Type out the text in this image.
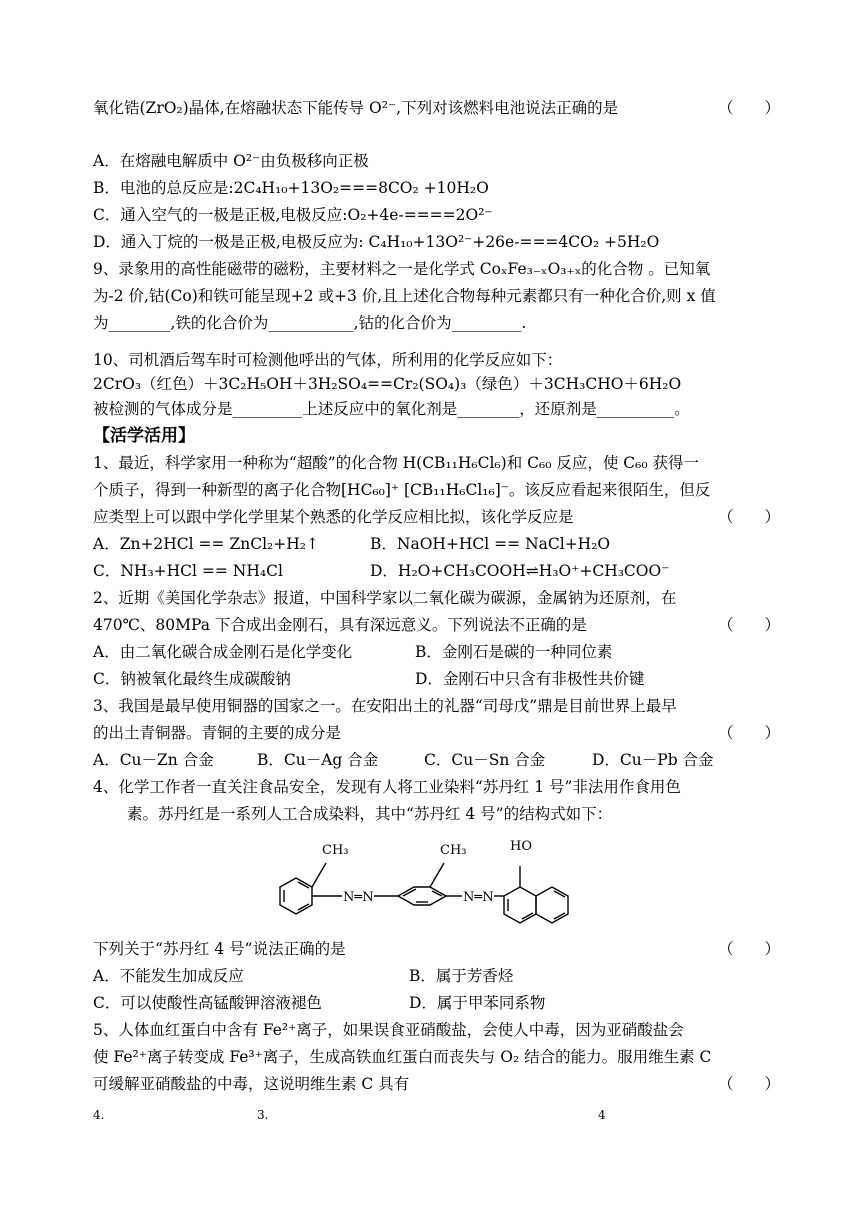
氧化锆(ZrO₂)晶体,在熔融状态下能传导 O²⁻,下列对该燃料电池说法正确的是	（　　）
A．在熔融电解质中 O²⁻由负极移向正极
B．电池的总反应是:2C₄H₁₀+13O₂===8CO₂ +10H₂O
C．通入空气的一极是正极,电极反应:O₂+4e-====2O²⁻
D．通入丁烷的一极是正极,电极反应为: C₄H₁₀+13O²⁻+26e-===4CO₂ +5H₂O
9、录象用的高性能磁带的磁粉，主要材料之一是化学式 CoₓFe₃₋ₓO₃₊ₓ的化合物 。已知氧
为-2 价,钴(Co)和铁可能呈现+2 或+3 价,且上述化合物每种元素都只有一种化合价,则 x 值
为________,铁的化合价为___________,钴的化合价为_________.
10、司机酒后驾车时可检测他呼出的气体，所利用的化学反应如下：
2CrO₃（红色）＋3C₂H₅OH＋3H₂SO₄==Cr₂(SO₄)₃（绿色）＋3CH₃CHO＋6H₂O
被检测的气体成分是_________上述反应中的氧化剂是________，还原剂是__________。
【活学活用】
1、最近，科学家用一种称为“超酸”的化合物 H(CB₁₁H₆Cl₆)和 C₆₀ 反应，使 C₆₀ 获得一
个质子，得到一种新型的离子化合物[HC₆₀]⁺ [CB₁₁H₆Cl₁₆]⁻。该反应看起来很陌生，但反
应类型上可以跟中学化学里某个熟悉的化学反应相比拟，该化学反应是	（　　）
A．Zn+2HCl == ZnCl₂+H₂↑	B．NaOH+HCl == NaCl+H₂O
C．NH₃+HCl == NH₄Cl	D．H₂O+CH₃COOH⇌H₃O⁺+CH₃COO⁻
2、近期《美国化学杂志》报道，中国科学家以二氧化碳为碳源，金属钠为还原剂，在
470℃、80MPa 下合成出金刚石，具有深远意义。下列说法不正确的是	（　　）
A．由二氧化碳合成金刚石是化学变化	B．金刚石是碳的一种同位素
C．钠被氧化最终生成碳酸钠	D．金刚石中只含有非极性共价键
3、我国是最早使用铜器的国家之一。在安阳出土的礼器“司母戊”鼎是目前世界上最早
的出土青铜器。青铜的主要的成分是	（　　）
A．Cu－Zn 合金	B．Cu－Ag 合金	C．Cu－Sn 合金	D．Cu－Pb 合金
4、化学工作者一直关注食品安全，发现有人将工业染料“苏丹红 1 号”非法用作食用色
素。苏丹红是一系列人工合成染料，其中“苏丹红 4 号”的结构式如下：
CH₃	CH₃	HO
N═N	N═N
下列关于“苏丹红 4 号”说法正确的是	（　　）
A．不能发生加成反应	B．属于芳香烃
C．可以使酸性高锰酸钾溶液褪色	D．属于甲苯同系物
5、人体血红蛋白中含有 Fe²⁺离子，如果误食亚硝酸盐，会使人中毒，因为亚硝酸盐会
使 Fe²⁺离子转变成 Fe³⁺离子，生成高铁血红蛋白而丧失与 O₂ 结合的能力。服用维生素 C
可缓解亚硝酸盐的中毒，这说明维生素 C 具有	（　　）
4.	3.	4
